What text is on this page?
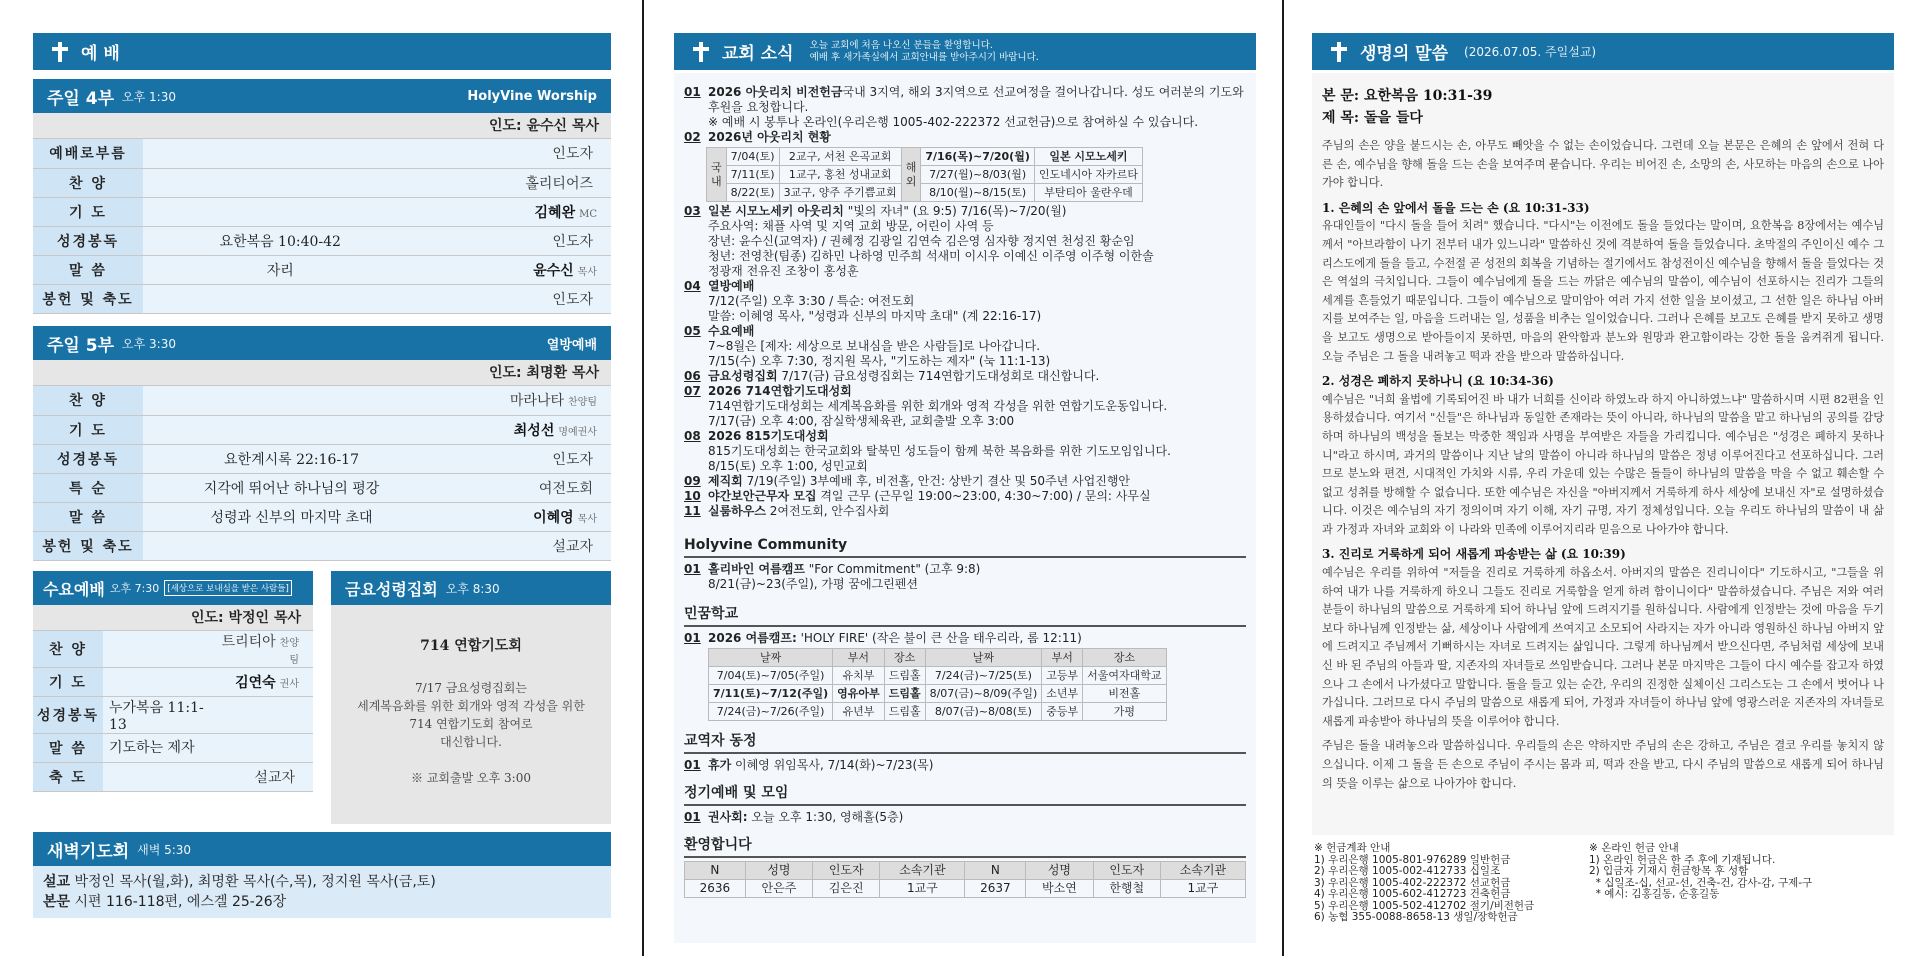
예 배
주일 4부 오후 1:30	HolyVine Worship
인도: 윤수신 목사
예배로부름		인도자
찬 양		홀리티어즈
기 도		김혜완 MC
성경봉독	요한복음 10:40-42	인도자
말 씀	자리	윤수신 목사
봉헌 및 축도		인도자
주일 5부 오후 3:30	열방예배
인도: 최명환 목사
찬 양		마라나타 찬양팀
기 도		최성선 명예권사
성경봉독	요한계시록 22:16-17	인도자
특 순	지각에 뛰어난 하나님의 평강	여전도회
말 씀	성령과 신부의 마지막 초대	이혜영 목사
봉헌 및 축도		설교자
수요예배 오후 7:30 [세상으로 보내심을 받은 사람들]
인도: 박정인 목사
찬 양		트리티아 찬양팀
기 도		김연숙 권사
성경봉독	누가복음 11:1-13	
말 씀	기도하는 제자	
축 도		설교자
금요성령집회 오후 8:30
714 연합기도회
7/17 금요성령집회는
세계복음화를 위한 회개와 영적 각성을 위한
714 연합기도회 참여로
대신합니다.
※ 교회출발 오후 3:00
새벽기도회 새벽 5:30
설교 박정인 목사(월,화), 최명환 목사(수,목), 정지원 목사(금,토)
본문 시편 116-118편, 에스겔 25-26장
교회 소식 오늘 교회에 처음 나오신 분들을 환영합니다.
예배 후 새가족실에서 교회안내를 받아주시기 바랍니다.
01 2026 아웃리치 비전헌금국내 3지역, 해외 3지역으로 선교여정을 걸어나갑니다. 성도 여러분의 기도와 후원을 요청합니다.
※ 예배 시 봉투나 온라인(우리은행 1005-402-222372 선교헌금)으로 참여하실 수 있습니다.
02 2026년 아웃리치 현황
국내	7/04(토)	2교구, 서천 은곡교회	해외	7/16(목)~7/20(월)	일본 시모노세키
	7/11(토)	1교구, 홍천 성내교회		7/27(월)~8/03(월)	인도네시아 자카르타
	8/22(토)	3교구, 양주 주기쁨교회		8/10(월)~8/15(토)	부탄티아 울란우데
03 일본 시모노세키 아웃리치 "빛의 자녀" (요 9:5) 7/16(목)~7/20(월)
주요사역: 채플 사역 및 지역 교회 방문, 어린이 사역 등
장년: 윤수신(교역자) / 권혜정 김광일 김연숙 김은영 심자향 정지연 천성진 황순임
청년: 전영찬(팀종) 김하민 나하영 민주희 석새미 이시우 이예신 이주영 이주형 이한솔
정광재 전유진 조창이 홍성훈
04 열방예배
7/12(주일) 오후 3:30 / 특순: 여전도회
말씀: 이혜영 목사, "성령과 신부의 마지막 초대" (계 22:16-17)
05 수요예배
7~8월은 [제자: 세상으로 보내심을 받은 사람들]로 나아갑니다.
7/15(수) 오후 7:30, 정지원 목사, "기도하는 제자" (눅 11:1-13)
06 금요성령집회 7/17(금) 금요성령집회는 714연합기도대성회로 대신합니다.
07 2026 714연합기도대성회
714연합기도대성회는 세계복음화를 위한 회개와 영적 각성을 위한 연합기도운동입니다.
7/17(금) 오후 4:00, 잠실학생체육관, 교회출발 오후 3:00
08 2026 815기도대성회
815기도대성회는 한국교회와 탈북민 성도들이 함께 북한 복음화를 위한 기도모임입니다.
8/15(토) 오후 1:00, 성민교회
09 제직회 7/19(주일) 3부예배 후, 비전홀, 안건: 상반기 결산 및 50주년 사업진행안
10 야간보안근무자 모집 격일 근무 (근무일 19:00~23:00, 4:30~7:00) / 문의: 사무실
11 실룸하우스 2여전도회, 안수집사회
Holyvine Community
01 홀리바인 여름캠프 "For Commitment" (고후 9:8)
8/21(금)~23(주일), 가평 꿈에그린펜션
민꿈학교
01 2026 여름캠프: 'HOLY FIRE' (작은 불이 큰 산을 태우리라, 롬 12:11)
날짜	부서	장소	날짜	부서	장소
7/04(토)~7/05(주일)	유치부	드림홀	7/24(금)~7/25(토)	고등부	서울여자대학교
7/11(토)~7/12(주일)	영유아부	드림홀	8/07(금)~8/09(주일)	소년부	비전홀
7/24(금)~7/26(주일)	유년부	드림홀	8/07(금)~8/08(토)	중등부	가평
교역자 동정
01 휴가 이혜영 위임목사, 7/14(화)~7/23(목)
정기예배 및 모임
01 권사회: 오늘 오후 1:30, 영해홀(5층)
환영합니다
N	성명	인도자	소속기관	N	성명	인도자	소속기관
2636	안은주	김은진	1교구	2637	박소연	한행철	1교구
생명의 말씀 (2026.07.05. 주일설교)
본 문: 요한복음 10:31-39
제 목: 돌을 들다

주님의 손은 양을 붙드시는 손, 아무도 빼앗을 수 없는 손이었습니다. 그런데 오늘 본문은 은혜의 손 앞에서 전혀 다른 손, 예수님을 향해 돌을 드는 손을 보여주며 묻습니다. 우리는 비어진 손, 소망의 손, 사모하는 마음의 손으로 나아가야 합니다.

1. 은혜의 손 앞에서 돌을 드는 손 (요 10:31-33)

유대인들이 "다시 돌을 들어 치려" 했습니다. "다시"는 이전에도 돌을 들었다는 말이며, 요한복음 8장에서는 예수님께서 "아브라함이 나기 전부터 내가 있느니라" 말씀하신 것에 격분하여 돌을 들었습니다. 초막절의 주인이신 예수 그리스도에게 돌을 들고, 수전절 곧 성전의 회복을 기념하는 절기에서도 참성전이신 예수님을 향해서 돌을 들었다는 것은 역설의 극치입니다. 그들이 예수님에게 돌을 드는 까닭은 예수님의 말씀이, 예수님이 선포하시는 진리가 그들의 세계를 흔들었기 때문입니다. 그들이 예수님으로 말미암아 여러 가지 선한 일을 보이셨고, 그 선한 일은 하나님 아버지를 보여주는 일, 마음을 드러내는 일, 성품을 비추는 일이었습니다. 그러나 은혜를 보고도 은혜를 받지 못하고 생명을 보고도 생명으로 받아들이지 못하면, 마음의 완악함과 분노와 원망과 완고함이라는 강한 돌을 움켜쥐게 됩니다. 오늘 주님은 그 돌을 내려놓고 떡과 잔을 받으라 말씀하십니다.

2. 성경은 폐하지 못하나니 (요 10:34-36)

예수님은 "너희 율법에 기록되어진 바 내가 너희를 신이라 하였노라 하지 아니하였느냐" 말씀하시며 시편 82편을 인용하셨습니다. 여기서 "신들"은 하나님과 동일한 존재라는 뜻이 아니라, 하나님의 말씀을 맡고 하나님의 공의를 감당하며 하나님의 백성을 돌보는 막중한 책임과 사명을 부여받은 자들을 가리킵니다. 예수님은 "성경은 폐하지 못하나니"라고 하시며, 과거의 말씀이나 지난 날의 말씀이 아니라 하나님의 말씀은 정녕 이루어진다고 선포하십니다. 그러므로 분노와 편견, 시대적인 가치와 시류, 우리 가운데 있는 수많은 돌들이 하나님의 말씀을 막을 수 없고 훼손할 수 없고 성취를 방해할 수 없습니다. 또한 예수님은 자신을 "아버지께서 거룩하게 하사 세상에 보내신 자"로 설명하셨습니다. 이것은 예수님의 자기 정의이며 자기 이해, 자기 규명, 자기 정체성입니다. 오늘 우리도 하나님의 말씀이 내 삶과 가정과 자녀와 교회와 이 나라와 민족에 이루어지리라 믿음으로 나아가야 합니다.

3. 진리로 거룩하게 되어 새롭게 파송받는 삶 (요 10:39)

예수님은 우리를 위하여 "저들을 진리로 거룩하게 하옵소서. 아버지의 말씀은 진리니이다" 기도하시고, "그들을 위하여 내가 나를 거룩하게 하오니 그들도 진리로 거룩함을 얻게 하려 함이니이다" 말씀하셨습니다. 주님은 저와 여러분들이 하나님의 말씀으로 거룩하게 되어 하나님 앞에 드려지기를 원하십니다. 사람에게 인정받는 것에 마음을 두기보다 하나님께 인정받는 삶, 세상이나 사람에게 쓰여지고 소모되어 사라지는 자가 아니라 영원하신 하나님 아버지 앞에 드려지고 주님께서 기뻐하시는 자녀로 드려지는 삶입니다. 그렇게 하나님께서 받으신다면, 주님처럼 세상에 보내신 바 된 주님의 아들과 딸, 지존자의 자녀들로 쓰임받습니다. 그러나 본문 마지막은 그들이 다시 예수를 잡고자 하였으나 그 손에서 나가셨다고 말합니다. 돌을 들고 있는 순간, 우리의 진정한 실체이신 그리스도는 그 손에서 벗어나 나가십니다. 그러므로 다시 주님의 말씀으로 새롭게 되어, 가정과 자녀들이 하나님 앞에 영광스러운 지존자의 자녀들로 새롭게 파송받아 하나님의 뜻을 이루어야 합니다.

주님은 돌을 내려놓으라 말씀하십니다. 우리들의 손은 약하지만 주님의 손은 강하고, 주님은 결코 우리를 놓치지 않으십니다. 이제 그 돌을 든 손으로 주님이 주시는 몸과 피, 떡과 잔을 받고, 다시 주님의 말씀으로 새롭게 되어 하나님의 뜻을 이루는 삶으로 나아가야 합니다.

※ 헌금계좌 안내
1) 우리은행 1005-801-976289 일반헌금
2) 우리은행 1005-002-412733 십일조
3) 우리은행 1005-402-222372 선교헌금
4) 우리은행 1005-602-412723 건축헌금
5) 우리은행 1005-502-412702 절기/비전헌금
6) 농협 355-0088-8658-13 생일/장학헌금
※ 온라인 헌금 안내
1) 온라인 헌금은 한 주 후에 기재됩니다.
2) 입금자 기재시 헌금항목 후 성함
* 십일조-십, 선교-선, 건축-건, 감사-감, 구제-구
* 예시: 김홍길동, 순홍길동
